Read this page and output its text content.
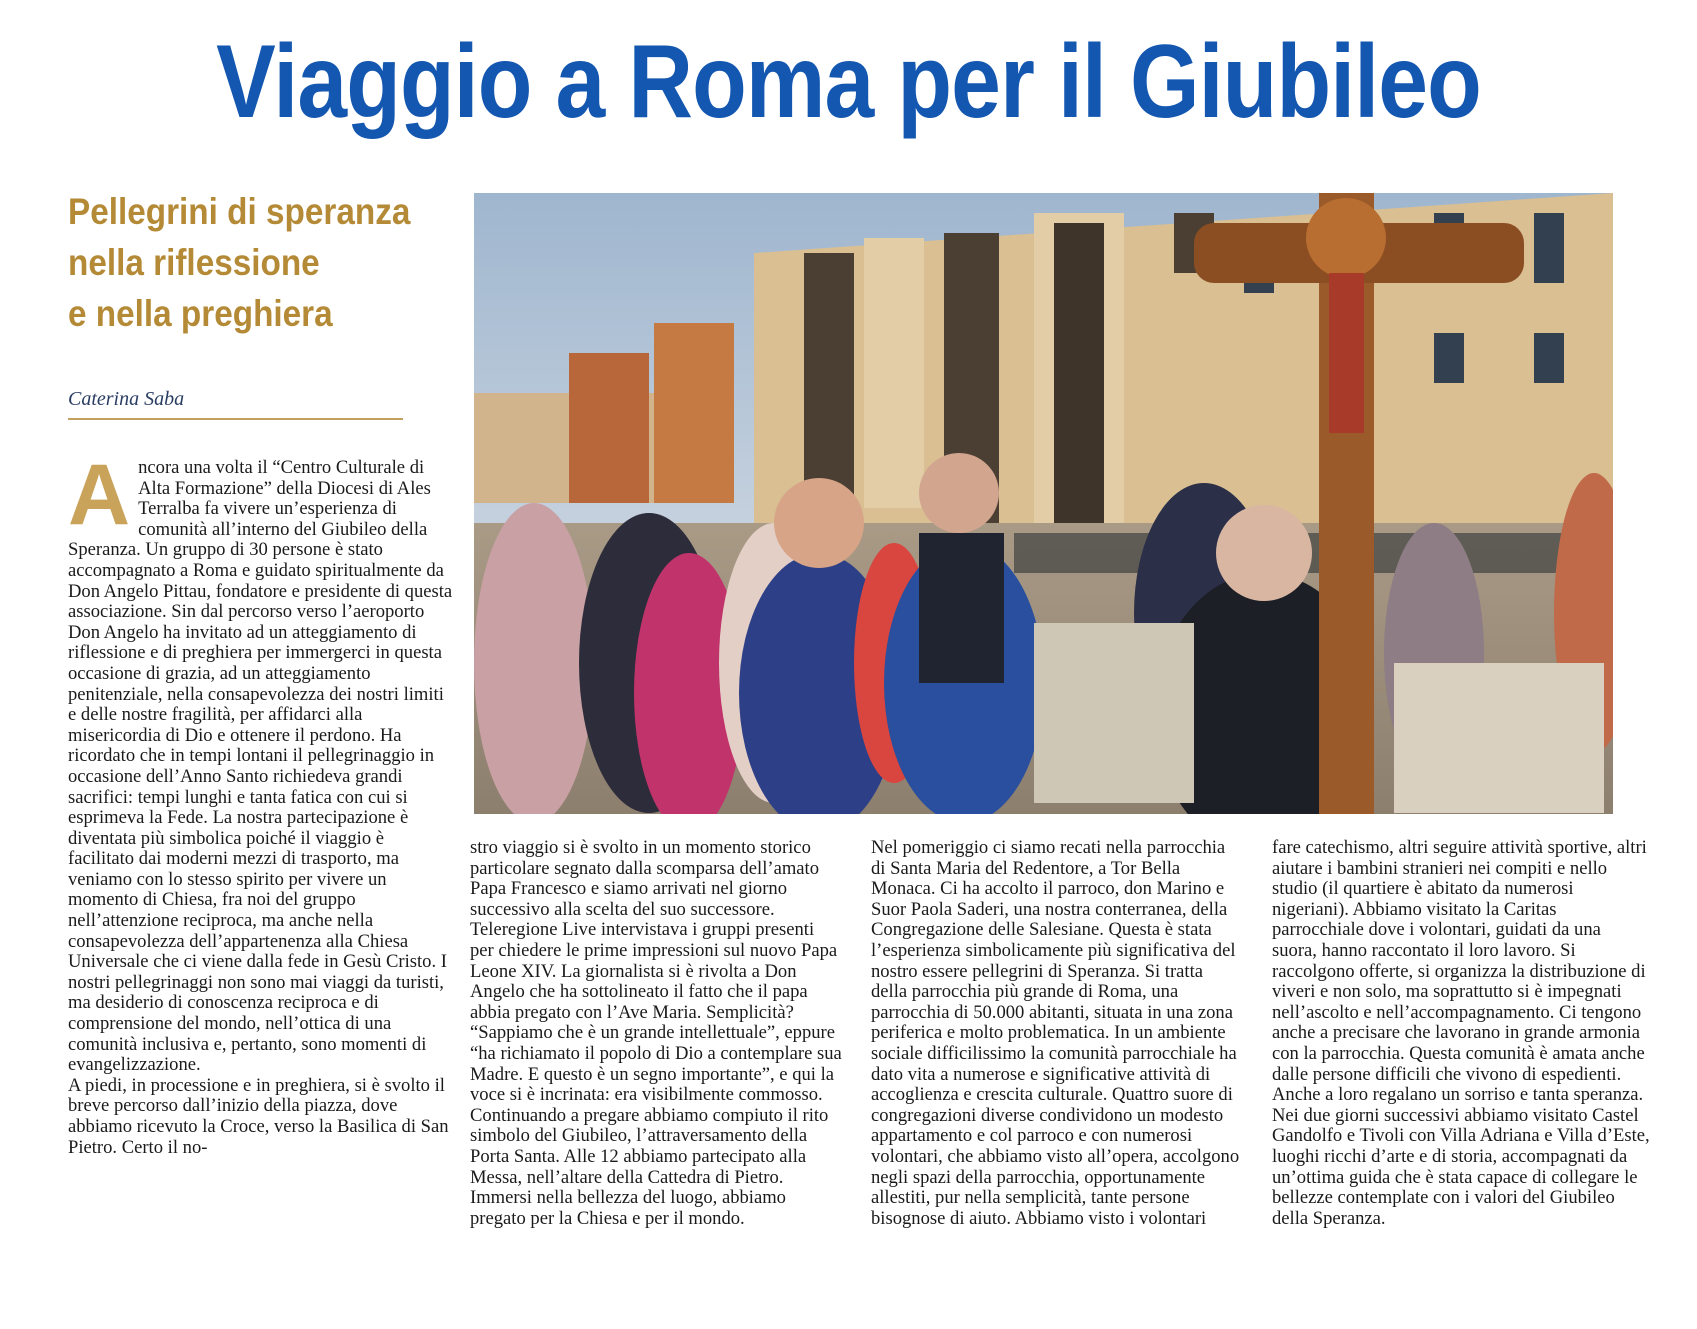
Viaggio a Roma per il Giubileo
Pellegrini di speranza
nella riflessione
e nella preghiera
Caterina Saba

Ancora una volta il “Centro Culturale di Alta Formazione” della Diocesi di Ales Terralba fa vivere un’esperienza di comunità all’interno del Giubileo della Speranza. Un gruppo di 30 persone è stato accompagnato a Roma e guidato spiritualmente da Don Angelo Pittau, fondatore e presidente di questa associazione. Sin dal percorso verso l’aeroporto Don Angelo ha invitato ad un atteggiamento di riflessione e di preghiera per immergerci in questa occasione di grazia, ad un atteggiamento penitenziale, nella consapevolezza dei nostri limiti e delle nostre fragilità, per affidarci alla misericordia di Dio e ottenere il perdono. Ha ricordato che in tempi lontani il pellegrinaggio in occasione dell’Anno Santo richiedeva grandi sacrifici: tempi lunghi e tanta fatica con cui si esprimeva la Fede. La nostra partecipazione è diventata più simbolica poiché il viaggio è facilitato dai moderni mezzi di trasporto, ma veniamo con lo stesso spirito per vivere un momento di Chiesa, fra noi del gruppo nell’attenzione reciproca, ma anche nella consapevolezza dell’appartenenza alla Chiesa Universale che ci viene dalla fede in Gesù Cristo. I nostri pellegrinaggi non sono mai viaggi da turisti, ma desiderio di conoscenza reciproca e di comprensione del mondo, nell’ottica di una comunità inclusiva e, pertanto, sono momenti di evangelizzazione.

A piedi, in processione e in preghiera, si è svolto il breve percorso dall’inizio della piazza, dove abbiamo ricevuto la Croce, verso la Basilica di San Pietro. Certo il no-

stro viaggio si è svolto in un momento storico particolare segnato dalla scomparsa dell’amato Papa Francesco e siamo arrivati nel giorno successivo alla scelta del suo successore. Teleregione Live intervistava i gruppi presenti per chiedere le prime impressioni sul nuovo Papa Leone XIV. La giornalista si è rivolta a Don Angelo che ha sottolineato il fatto che il papa abbia pregato con l’Ave Maria. Semplicità? “Sappiamo che è un grande intellettuale”, eppure “ha richiamato il popolo di Dio a contemplare sua Madre. E questo è un segno importante”, e qui la voce si è incrinata: era visibilmente commosso. Continuando a pregare abbiamo compiuto il rito simbolo del Giubileo, l’attraversamento della Porta Santa. Alle 12 abbiamo partecipato alla Messa, nell’altare della Cattedra di Pietro. Immersi nella bellezza del luogo, abbiamo pregato per la Chiesa e per il mondo.

Nel pomeriggio ci siamo recati nella parrocchia di Santa Maria del Redentore, a Tor Bella Monaca. Ci ha accolto il parroco, don Marino e Suor Paola Saderi, una nostra conterranea, della Congregazione delle Salesiane. Questa è stata l’esperienza simbolicamente più significativa del nostro essere pellegrini di Speranza. Si tratta della parrocchia più grande di Roma, una parrocchia di 50.000 abitanti, situata in una zona periferica e molto problematica. In un ambiente sociale difficilissimo la comunità parrocchiale ha dato vita a numerose e significative attività di accoglienza e crescita culturale. Quattro suore di congregazioni diverse condividono un modesto appartamento e col parroco e con numerosi volontari, che abbiamo visto all’opera, accolgono negli spazi della parrocchia, opportunamente allestiti, pur nella semplicità, tante persone bisognose di aiuto. Abbiamo visto i volontari

fare catechismo, altri seguire attività sportive, altri aiutare i bambini stranieri nei compiti e nello studio (il quartiere è abitato da numerosi nigeriani). Abbiamo visitato la Caritas parrocchiale dove i volontari, guidati da una suora, hanno raccontato il loro lavoro. Si raccolgono offerte, si organizza la distribuzione di viveri e non solo, ma soprattutto si è impegnati nell’ascolto e nell’accompagnamento. Ci tengono anche a precisare che lavorano in grande armonia con la parrocchia. Questa comunità è amata anche dalle persone difficili che vivono di espedienti. Anche a loro regalano un sorriso e tanta speranza. Nei due giorni successivi abbiamo visitato Castel Gandolfo e Tivoli con Villa Adriana e Villa d’Este, luoghi ricchi d’arte e di storia, accompagnati da un’ottima guida che è stata capace di collegare le bellezze contemplate con i valori del Giubileo della Speranza.
